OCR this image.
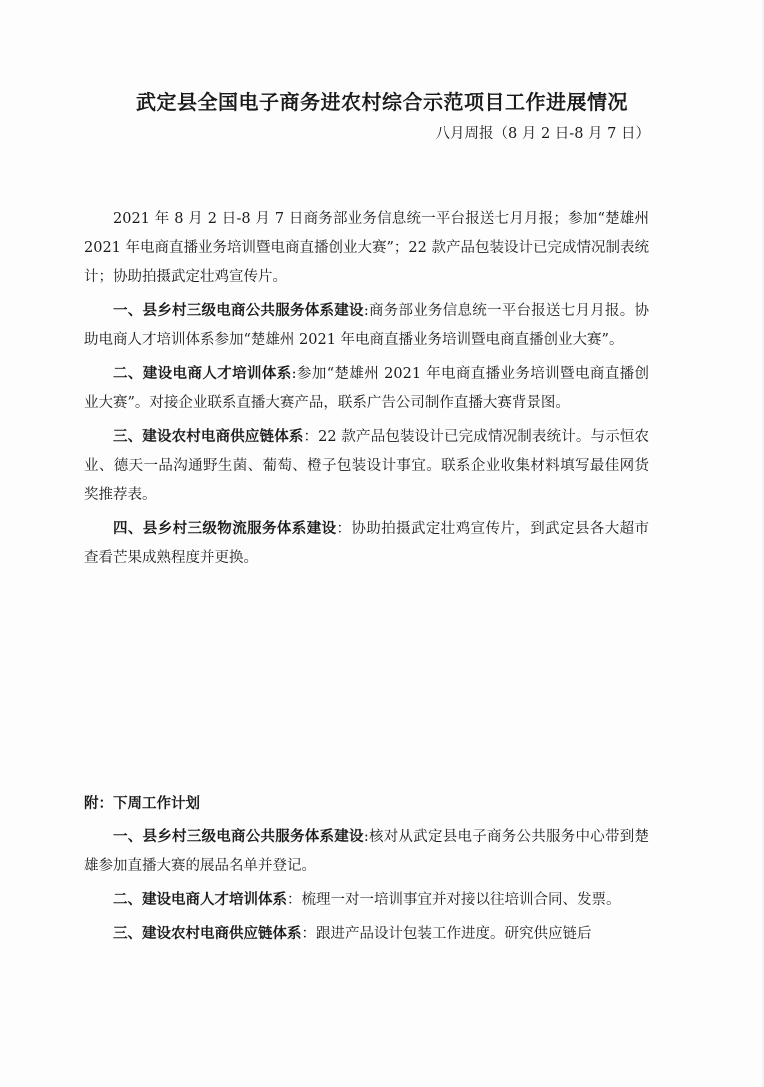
武定县全国电子商务进农村综合示范项目工作进展情况

八月周报（8 月 2 日-8 月 7 日）

2021 年 8 月 2 日-8 月 7 日商务部业务信息统一平台报送七月月报；参加“楚雄州 2021 年电商直播业务培训暨电商直播创业大赛”；22 款产品包装设计已完成情况制表统计；协助拍摄武定壮鸡宣传片。

一、县乡村三级电商公共服务体系建设:商务部业务信息统一平台报送七月月报。协助电商人才培训体系参加“楚雄州 2021 年电商直播业务培训暨电商直播创业大赛”。

二、建设电商人才培训体系:参加“楚雄州 2021 年电商直播业务培训暨电商直播创业大赛”。对接企业联系直播大赛产品，联系广告公司制作直播大赛背景图。

三、建设农村电商供应链体系：22 款产品包装设计已完成情况制表统计。与示恒农业、德天一品沟通野生菌、葡萄、橙子包装设计事宜。联系企业收集材料填写最佳网货奖推荐表。

四、县乡村三级物流服务体系建设：协助拍摄武定壮鸡宣传片，到武定县各大超市查看芒果成熟程度并更换。

附：下周工作计划

一、县乡村三级电商公共服务体系建设:核对从武定县电子商务公共服务中心带到楚雄参加直播大赛的展品名单并登记。

二、建设电商人才培训体系：梳理一对一培训事宜并对接以往培训合同、发票。

三、建设农村电商供应链体系：跟进产品设计包装工作进度。研究供应链后
